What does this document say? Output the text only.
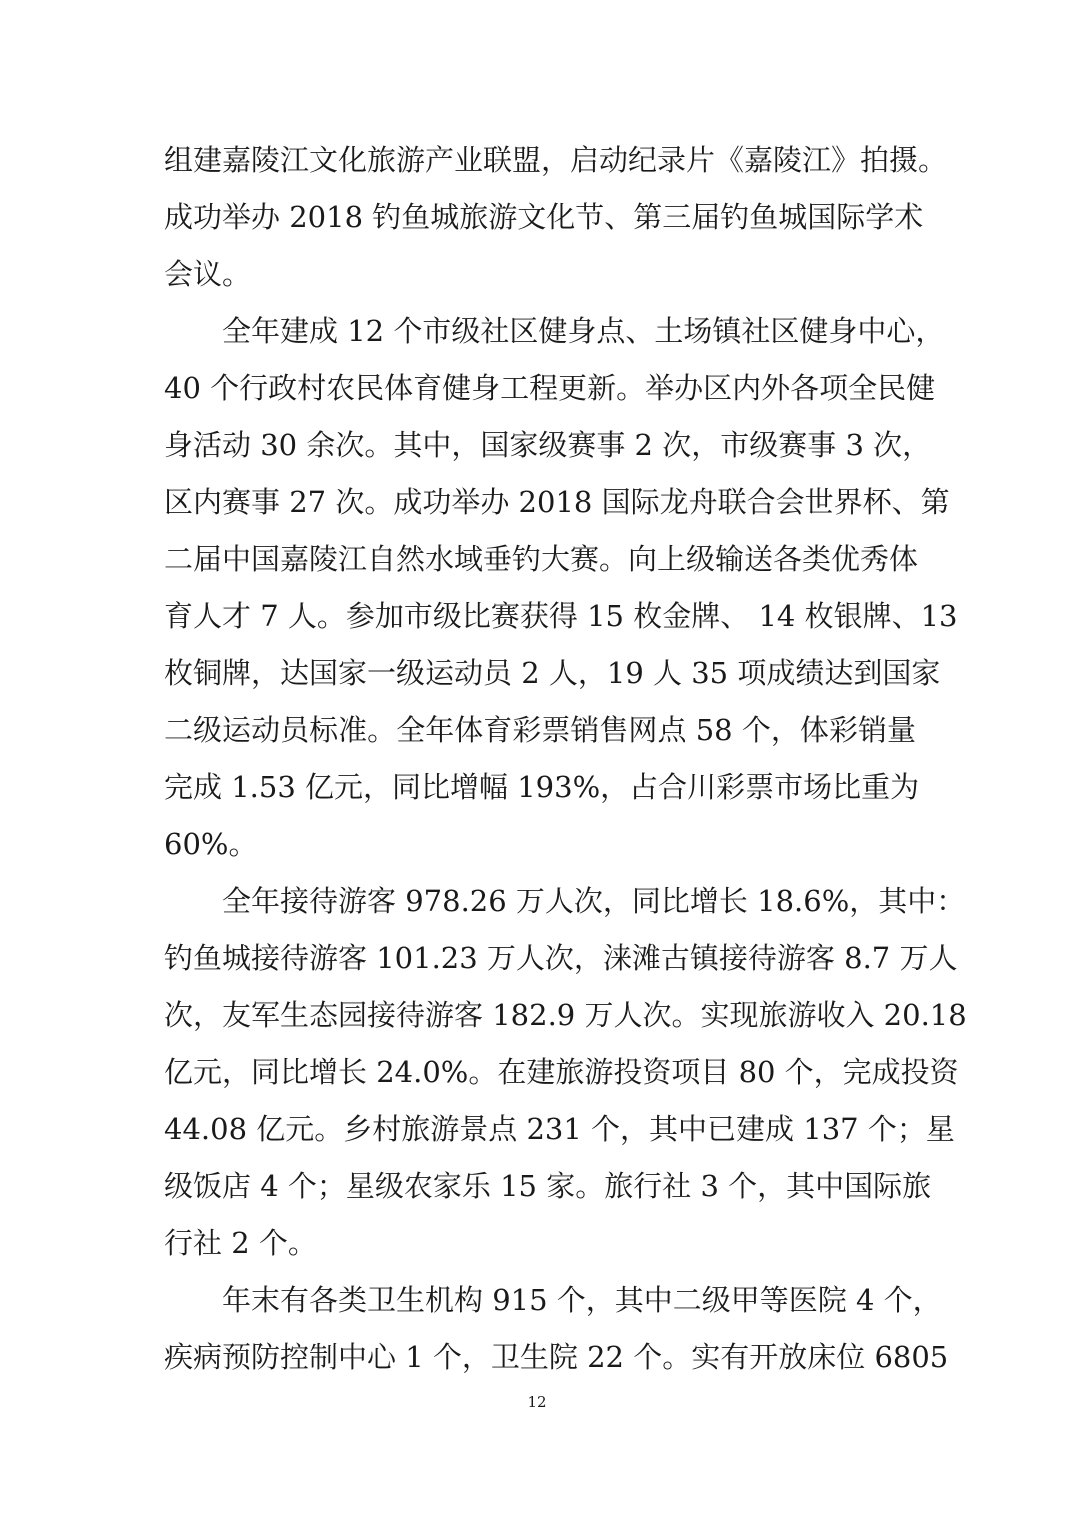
组建嘉陵江文化旅游产业联盟，启动纪录片《嘉陵江》拍摄。
成功举办 2018 钓鱼城旅游文化节、第三届钓鱼城国际学术
会议。
全年建成 12 个市级社区健身点、土场镇社区健身中心，
40 个行政村农民体育健身工程更新。举办区内外各项全民健
身活动 30 余次。其中，国家级赛事 2 次，市级赛事 3 次，
区内赛事 27 次。成功举办 2018 国际龙舟联合会世界杯、第
二届中国嘉陵江自然水域垂钓大赛。向上级输送各类优秀体
育人才 7 人。参加市级比赛获得 15 枚金牌、 14 枚银牌、13
枚铜牌，达国家一级运动员 2 人，19 人 35 项成绩达到国家
二级运动员标准。全年体育彩票销售网点 58 个，体彩销量
完成 1.53 亿元，同比增幅 193%，占合川彩票市场比重为
60%。
全年接待游客 978.26 万人次，同比增长 18.6%，其中：
钓鱼城接待游客 101.23 万人次，涞滩古镇接待游客 8.7 万人
次，友军生态园接待游客 182.9 万人次。实现旅游收入 20.18
亿元，同比增长 24.0%。在建旅游投资项目 80 个，完成投资
44.08 亿元。乡村旅游景点 231 个，其中已建成 137 个；星
级饭店 4 个；星级农家乐 15 家。旅行社 3 个，其中国际旅
行社 2 个。
年末有各类卫生机构 915 个，其中二级甲等医院 4 个，
疾病预防控制中心 1 个，卫生院 22 个。实有开放床位 6805
12
